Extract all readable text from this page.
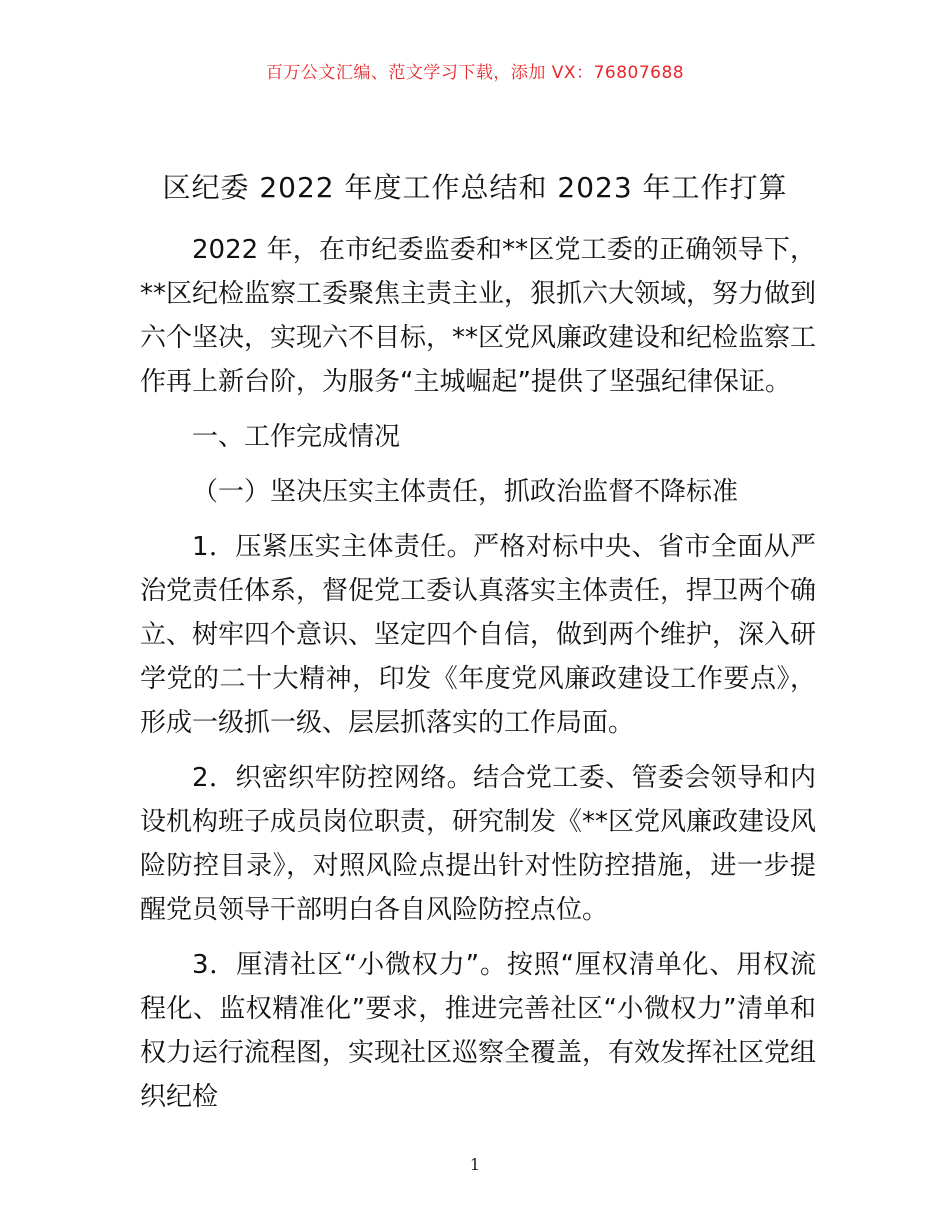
百万公文汇编、范文学习下载，添加 VX：76807688
区纪委 2022 年度工作总结和 2023 年工作打算

2022 年，在市纪委监委和**区党工委的正确领导下，**区纪检监察工委聚焦主责主业，狠抓六大领域，努力做到六个坚决，实现六不目标，**区党风廉政建设和纪检监察工作再上新台阶，为服务“主城崛起”提供了坚强纪律保证。

一、工作完成情况

（一）坚决压实主体责任，抓政治监督不降标准

1．压紧压实主体责任。严格对标中央、省市全面从严治党责任体系，督促党工委认真落实主体责任，捍卫两个确立、树牢四个意识、坚定四个自信，做到两个维护，深入研学党的二十大精神，印发《年度党风廉政建设工作要点》，形成一级抓一级、层层抓落实的工作局面。

2．织密织牢防控网络。结合党工委、管委会领导和内设机构班子成员岗位职责，研究制发《**区党风廉政建设风险防控目录》，对照风险点提出针对性防控措施，进一步提醒党员领导干部明白各自风险防控点位。

3．厘清社区“小微权力”。按照“厘权清单化、用权流程化、监权精准化”要求，推进完善社区“小微权力”清单和权力运行流程图，实现社区巡察全覆盖，有效发挥社区党组织纪检

1
